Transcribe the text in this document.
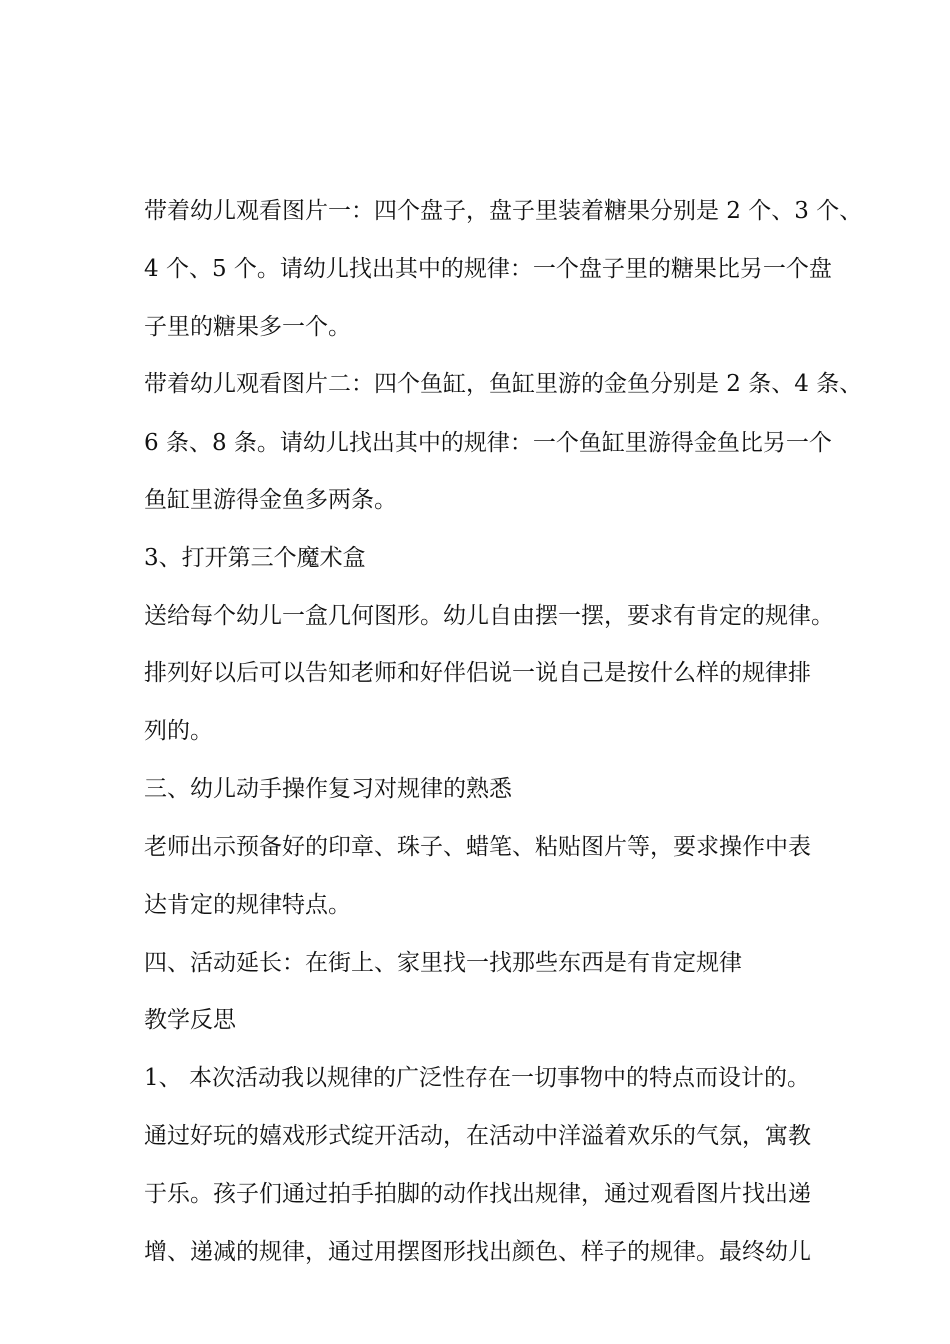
带着幼儿观看图片一：四个盘子，盘子里装着糖果分别是 2 个、3 个、
4 个、5 个。请幼儿找出其中的规律：一个盘子里的糖果比另一个盘
子里的糖果多一个。
带着幼儿观看图片二：四个鱼缸，鱼缸里游的金鱼分别是 2 条、4 条、
6 条、8 条。请幼儿找出其中的规律：一个鱼缸里游得金鱼比另一个
鱼缸里游得金鱼多两条。
3、打开第三个魔术盒
送给每个幼儿一盒几何图形。幼儿自由摆一摆，要求有肯定的规律。
排列好以后可以告知老师和好伴侣说一说自己是按什么样的规律排
列的。
三、幼儿动手操作复习对规律的熟悉
老师出示预备好的印章、珠子、蜡笔、粘贴图片等，要求操作中表
达肯定的规律特点。
四、活动延长：在街上、家里找一找那些东西是有肯定规律
教学反思
1、 本次活动我以规律的广泛性存在一切事物中的特点而设计的。
通过好玩的嬉戏形式绽开活动，在活动中洋溢着欢乐的气氛，寓教
于乐。孩子们通过拍手拍脚的动作找出规律，通过观看图片找出递
增、递减的规律，通过用摆图形找出颜色、样子的规律。最终幼儿
